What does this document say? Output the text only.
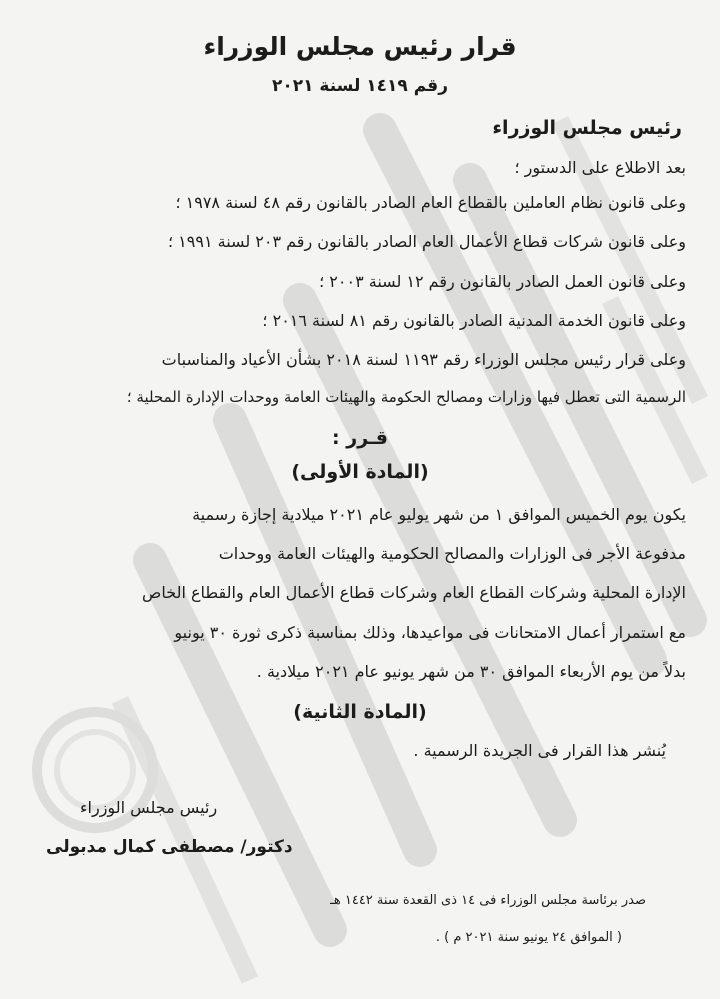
قرار رئيس مجلس الوزراء
رقم ١٤١٩ لسنة ٢٠٢١
رئيس مجلس الوزراء
بعد الاطلاع على الدستور ؛
وعلى قانون نظام العاملين بالقطاع العام الصادر بالقانون رقم ٤٨ لسنة ١٩٧٨ ؛
وعلى قانون شركات قطاع الأعمال العام الصادر بالقانون رقم ٢٠٣ لسنة ١٩٩١ ؛
وعلى قانون العمل الصادر بالقانون رقم ١٢ لسنة ٢٠٠٣ ؛
وعلى قانون الخدمة المدنية الصادر بالقانون رقم ٨١ لسنة ٢٠١٦ ؛
وعلى قرار رئيس مجلس الوزراء رقم ١١٩٣ لسنة ٢٠١٨ بشأن الأعياد والمناسبات
الرسمية التى تعطل فيها وزارات ومصالح الحكومة والهيئات العامة ووحدات الإدارة المحلية ؛
قـرر :
(المادة الأولى)
يكون يوم الخميس الموافق ١ من شهر يوليو عام ٢٠٢١ ميلادية إجازة رسمية
مدفوعة الأجر فى الوزارات والمصالح الحكومية والهيئات العامة ووحدات
الإدارة المحلية وشركات القطاع العام وشركات قطاع الأعمال العام والقطاع الخاص
مع استمرار أعمال الامتحانات فى مواعيدها، وذلك بمناسبة ذكرى ثورة ٣٠ يونيو
بدلاً من يوم الأربعاء الموافق ٣٠ من شهر يونيو عام ٢٠٢١ ميلادية .
(المادة الثانية)
يُنشر هذا القرار فى الجريدة الرسمية .
رئيس مجلس الوزراء
دكتور/ مصطفى كمال مدبولى
صدر برئاسة مجلس الوزراء فى ١٤ ذى القعدة سنة ١٤٤٢ هـ
( الموافق ٢٤ يونيو سنة ٢٠٢١ م ) .
